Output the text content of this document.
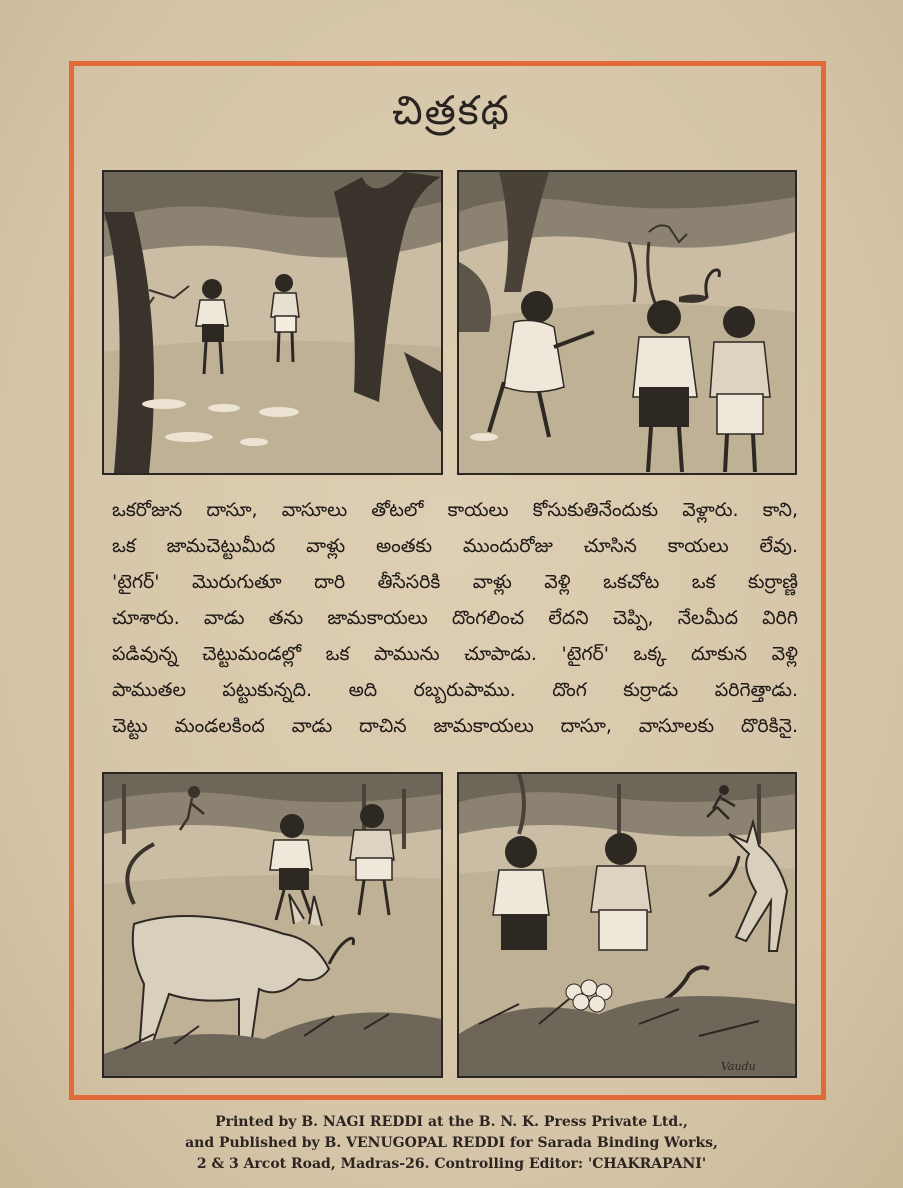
చిత్రకథ
ఒకరోజున దాసూ, వాసూలు తోటలో కాయలు కోసుకుతినేందుకు వెళ్లారు. కాని,
ఒక జామచెట్టుమీద వాళ్లు అంతకు ముందురోజు చూసిన కాయలు లేవు.
'టైగర్' మొరుగుతూ దారి తీసేసరికి వాళ్లు వెళ్లి ఒకచోట ఒక కుర్రాణ్ణి
చూశారు. వాడు తను జామకాయలు దొంగలించ లేదని చెప్పి, నేలమీద విరిగి
పడివున్న చెట్టుమండల్లో ఒక పామును చూపాడు. 'టైగర్' ఒక్క దూకున వెళ్లి
పాముతల పట్టుకున్నది. అది రబ్బరుపాము. దొంగ కుర్రాడు పరిగెత్తాడు.
చెట్టు మండలకింద వాడు దాచిన జామకాయలు దాసూ, వాసూలకు దొరికినై.
Vaudu
Printed by B. NAGI REDDI at the B. N. K. Press Private Ltd.,
and Published by B. VENUGOPAL REDDI for Sarada Binding Works,
2 & 3 Arcot Road, Madras-26. Controlling Editor: 'CHAKRAPANI'
